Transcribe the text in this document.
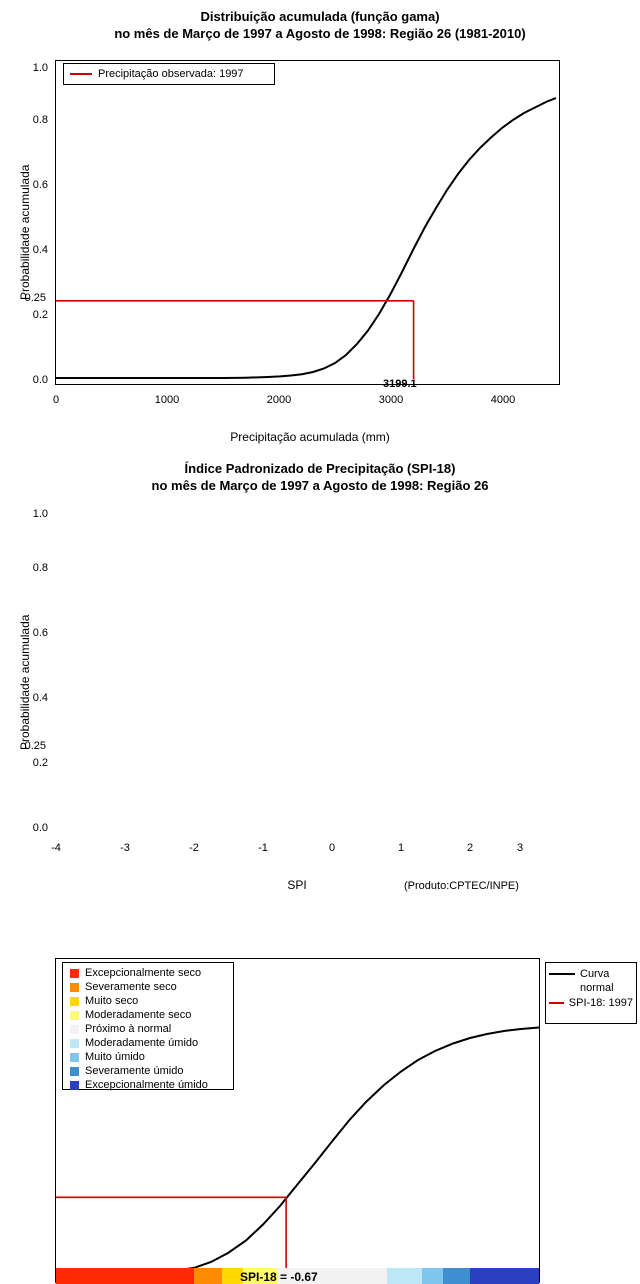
Distribuição acumulada (função gama)
no mês de Março de 1997 a Agosto de 1998: Região 26 (1981-2010)
Probabilidade acumulada
0.0
0.2
0.25
0.4
0.6
0.8
1.0
0	1000	2000	3000	4000
Precipitação acumulada (mm)
3199.1
Precipitação observada: 1997
Índice Padronizado de Precipitação (SPI-18)
no mês de Março de 1997 a Agosto de 1998: Região 26
Probabilidade acumulada
0.0
0.2
0.25
0.4
0.6
0.8
1.0
-4	-3	-2	-1	0	1	2	3
SPI	(Produto:CPTEC/INPE)
SPI-18 = -0.67
Excepcionalmente seco
Severamente seco
Muito seco
Moderadamente seco
Próximo à normal
Moderadamente úmido
Muito úmido
Severamente úmido
Excepcionalmente úmido
Curva
normal
SPI-18: 1997
